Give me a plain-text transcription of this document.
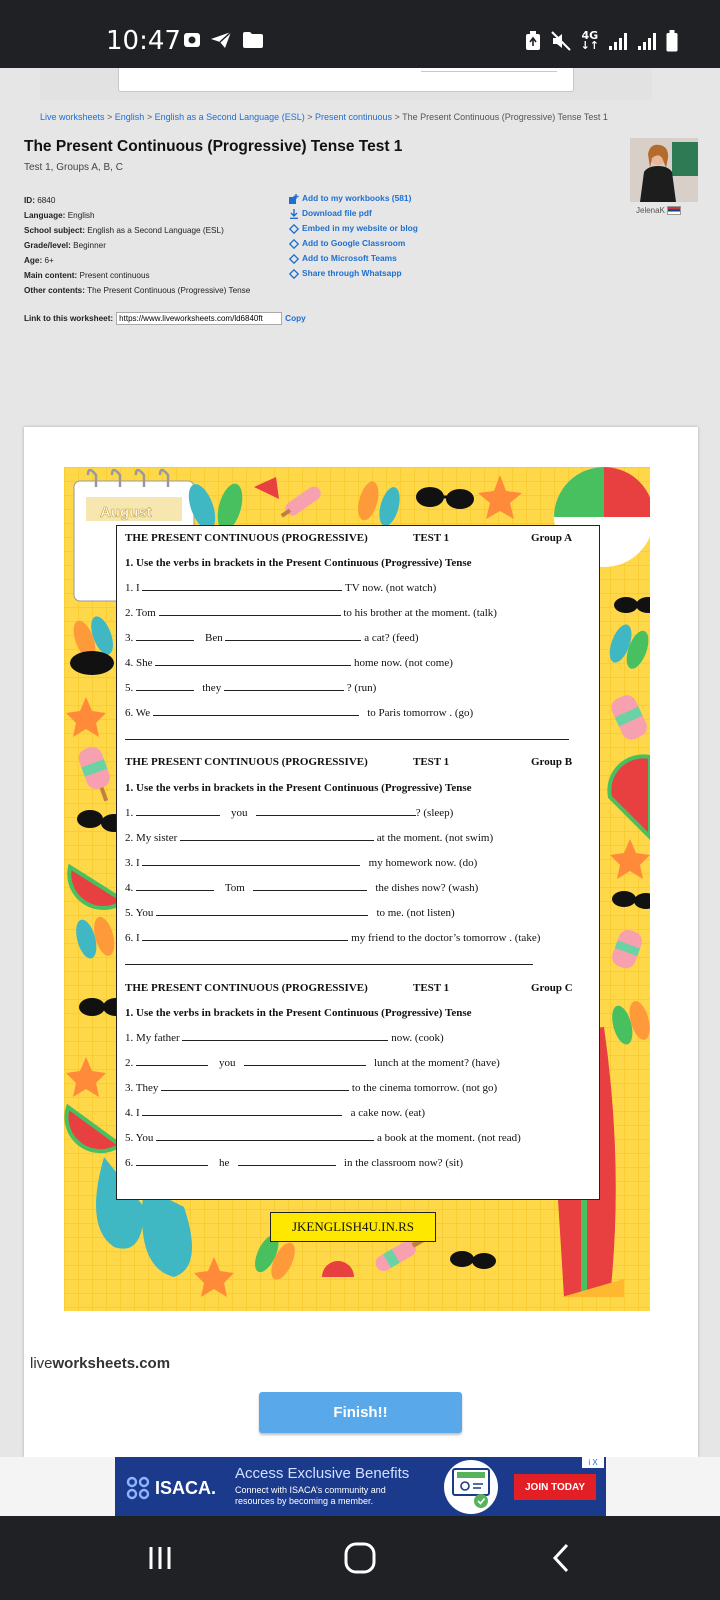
10:47	4G
↓↑
Live worksheets > English > English as a Second Language (ESL) > Present continuous > The Present Continuous (Progressive) Tense Test 1
The Present Continuous (Progressive) Tense Test 1
Test 1, Groups A, B, C
ID: 6840
Language: English
School subject: English as a Second Language (ESL)
Grade/level: Beginner
Age: 6+
Main content: Present continuous
Other contents: The Present Continuous (Progressive) Tense
Add to my workbooks (581)
Download file pdf
Embed in my website or blog
Add to Google Classroom
Add to Microsoft Teams
Share through Whatsapp
JelenaK
Link to this worksheet:
https://www.liveworksheets.com/ld6840ft	Copy
August
THE PRESENT CONTINUOUS (PROGRESSIVE)	TEST 1	Group A
1. Use the verbs in brackets in the Present Continuous (Progressive) Tense
1. I	TV now. (not watch)
2. Tom	to his brother at the moment. (talk)
3.	Ben	a cat? (feed)
4. She	home now. (not come)
5.	they	? (run)
6. We	to Paris tomorrow . (go)
THE PRESENT CONTINUOUS (PROGRESSIVE)	TEST 1	Group B
1. Use the verbs in brackets in the Present Continuous (Progressive) Tense
1.	you	? (sleep)
2. My sister	at the moment. (not swim)
3. I	my homework now. (do)
4.	Tom	the dishes now? (wash)
5. You	to me. (not listen)
6. I	my friend to the doctor’s tomorrow . (take)
THE PRESENT CONTINUOUS (PROGRESSIVE)	TEST 1	Group C
1. Use the verbs in brackets in the Present Continuous (Progressive) Tense
1. My father	now. (cook)
2.	you	lunch at the moment? (have)
3. They	to the cinema tomorrow. (not go)
4. I	a cake now. (eat)
5. You	a book at the moment. (not read)
6.	he	in the classroom now? (sit)
JKENGLISH4U.IN.RS
liveworksheets.com
Finish!!
ISACA.
Access Exclusive Benefits
Connect with ISACA’s community and resources by becoming a member.
JOIN TODAY
i X
